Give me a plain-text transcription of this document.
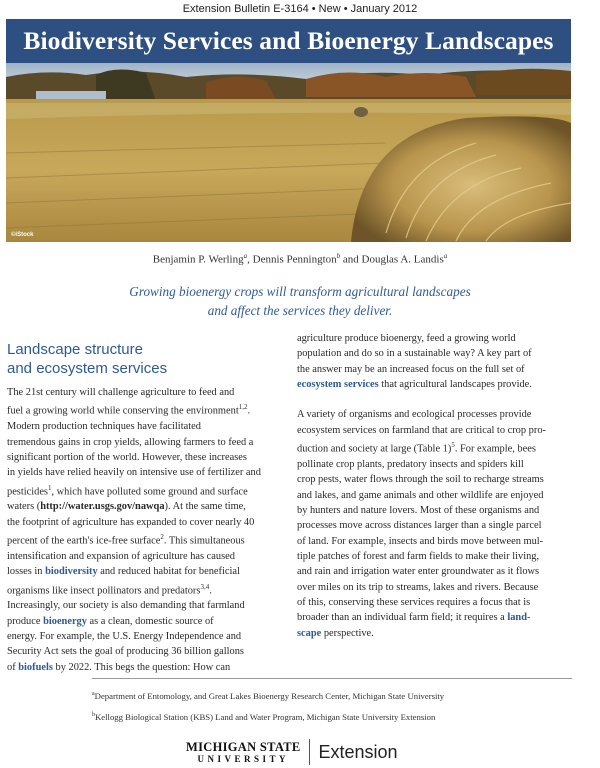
Extension Bulletin E-3164 • New • January 2012
Biodiversity Services and Bioenergy Landscapes
©iStock
Benjamin P. Werling$^a$, Dennis Pennington$^b$ and Douglas A. Landis$^a$
Growing bioenergy crops will transform agricultural landscapes
and affect the services they deliver.
Landscape structure
and ecosystem services
The 21st century will challenge agriculture to feed and
fuel a growing world while conserving the environment$^{1,2}$.
Modern production techniques have facilitated
tremendous gains in crop yields, allowing farmers to feed a
significant portion of the world. However, these increases
in yields have relied heavily on intensive use of fertilizer and
pesticides$^1$, which have polluted some ground and surface
waters (http://water.usgs.gov/nawqa). At the same time,
the footprint of agriculture has expanded to cover nearly 40
percent of the earth's ice-free surface$^2$. This simultaneous
intensification and expansion of agriculture has caused
losses in biodiversity and reduced habitat for beneficial
organisms like insect pollinators and predators$^{3,4}$.
Increasingly, our society is also demanding that farmland
produce bioenergy as a clean, domestic source of
energy. For example, the U.S. Energy Independence and
Security Act sets the goal of producing 36 billion gallons
of biofuels by 2022. This begs the question: How can

agriculture produce bioenergy, feed a growing world
population and do so in a sustainable way? A key part of
the answer may be an increased focus on the full set of
ecosystem services that agricultural landscapes provide.

A variety of organisms and ecological processes provide
ecosystem services on farmland that are critical to crop pro-
duction and society at large (Table 1)$^5$. For example, bees
pollinate crop plants, predatory insects and spiders kill
crop pests, water flows through the soil to recharge streams
and lakes, and game animals and other wildlife are enjoyed
by hunters and nature lovers. Most of these organisms and
processes move across distances larger than a single parcel
of land. For example, insects and birds move between mul-
tiple patches of forest and farm fields to make their living,
and rain and irrigation water enter groundwater as it flows
over miles on its trip to streams, lakes and rivers. Because
of this, conserving these services requires a focus that is
broader than an individual farm field; it requires a land-
scape perspective.

$^a$Department of Entomology, and Great Lakes Bioenergy Research Center, Michigan State University
$^b$Kellogg Biological Station (KBS) Land and Water Program, Michigan State University Extension
MICHIGAN STATE
UNIVERSITY	Extension
